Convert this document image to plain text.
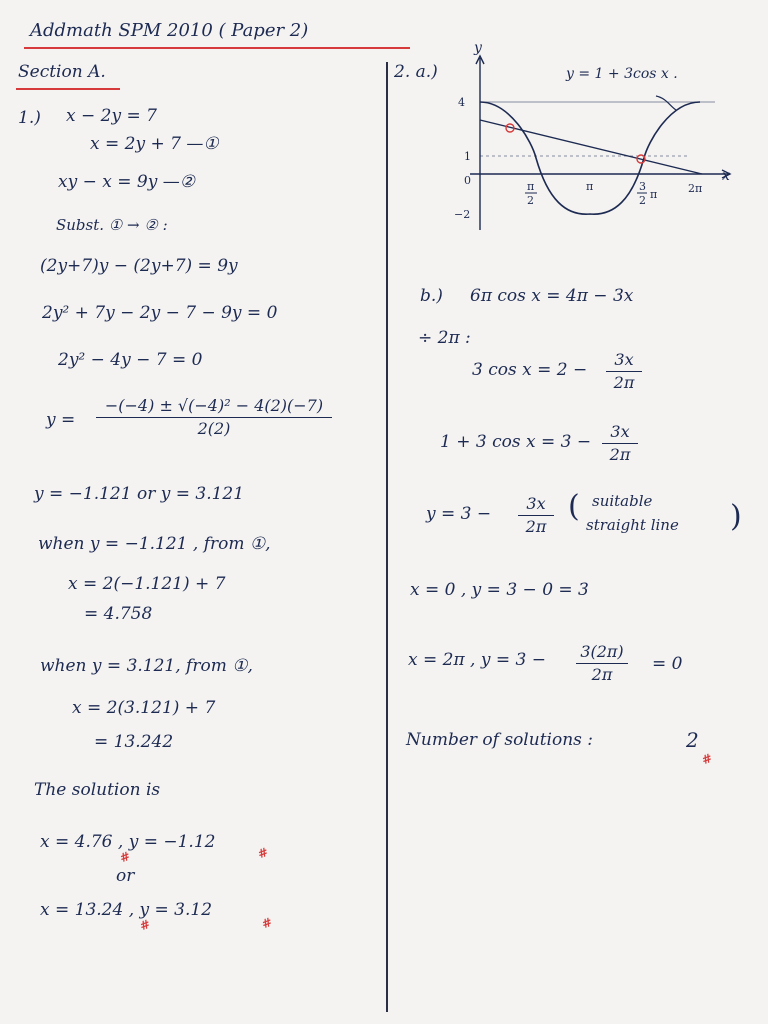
Addmath SPM 2010 ( Paper 2)
Section A.
1.) x − 2y = 7
x = 2y + 7 —①
xy − x = 9y —②
Subst. ① → ② :
(2y+7)y − (2y+7) = 9y
2y² + 7y − 2y − 7 − 9y = 0
2y² − 4y − 7 = 0
$y = \frac{\text{−(−4) ± √(−4)² − 4(2)(−7)}}{2(2)}$
y = −1.121 or y = 3.121
when y = −1.121 , from ①,
x = 2(−1.121) + 7
= 4.758
when y = 3.121, from ①,
x = 2(3.121) + 7
= 13.242
The solution is
x = 4.76 , y = −1.12
or
x = 13.24 , y = 3.12
#	#
#	#
2. a.)
y
x
y = 1 + 3cos x .
4
1
0
−2
π
2
π	3
2 π	2π
b.) 6π cos x = 4π − 3x
÷ 2π :
3 $\cos x = 2 - \frac{3x}{2\pi}$
1 + 3 $\cos x = 3 - \frac{3x}{2\pi}$
$y = 3 - \frac{3x}{2\pi}$ ( suitable
straight line )
x = 0 , y = 3 − 0 = 3
x = 2π , $y = 3 - \frac{3(2\pi)}{2\pi} = 0$
Number of solutions :	2
#
